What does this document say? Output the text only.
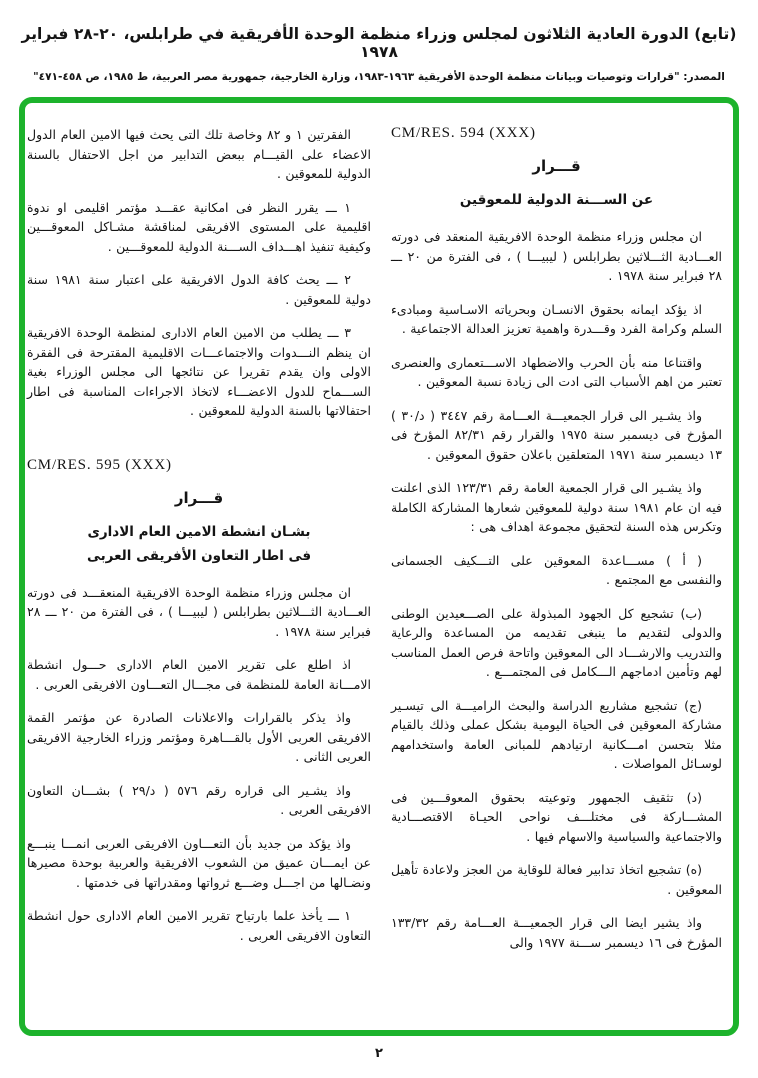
(تابع) الدورة العادية الثلاثون لمجلس وزراء منظمة الوحدة الأفريقية في طرابلس، ٢٠-٢٨ فبراير ١٩٧٨
المصدر: "قرارات وتوصيات وبيانات منظمة الوحدة الأفريقية ١٩٦٣-١٩٨٣، وزارة الخارجية، جمهورية مصر العربية، ط ١٩٨٥، ص ٤٥٨-٤٧١"
CM/RES. 594 (XXX)
قـــرار
عن الســـنة الدولية للمعوقين

ان مجلس وزراء منظمة الوحدة الافريقية المنعقد فى دورته العـــادية الثـــلاثين بطرابلس ( ليبيـــا ) ، فى الفترة من ٢٠ ـــ ٢٨ فبراير سنة ١٩٧٨ .

اذ يؤكد ايمانه بحقوق الانسـان وبحرياته الاسـاسية ومبادىء السلم وكرامة الفرد وقـــدرة واهمية تعزيز العدالة الاجتماعية .

واقتناعا منه بأن الحرب والاضطهاد الاســـتعمارى والعنصرى تعتبر من اهم الأسباب التى ادت الى زيادة نسبة المعوقين .

واذ يشـير الى قرار الجمعيـــة العـــامة رقم ٣٤٤٧ ( د/٣٠ ) المؤرخ فى ديسمبر سنة ١٩٧٥ والقرار رقم ٨٢/٣١ المؤرخ فى ١٣ ديسمبر سنة ١٩٧١ المتعلقين باعلان حقوق المعوقين .

واذ يشـير الى قرار الجمعية العامة رقم ١٢٣/٣١ الذى اعلنت فيه ان عام ١٩٨١ سنة دولية للمعوقين شعارها المشاركة الكاملة وتكرس هذه السنة لتحقيق مجموعة اهداف هى :

( أ ) مســـاعدة المعوقين على التـــكيف الجسمانى والنفسى مع المجتمع .

(ب) تشجيع كل الجهود المبذولة على الصـــعيدين الوطنى والدولى لتقديم ما ينبغى تقديمه من المساعدة والرعاية والتدريب والارشـــاد الى المعوقين واتاحة فرص العمل المناسب لهم وتأمين ادماجهم الـــكامل فى المجتمـــع .

(ج) تشجيع مشاريع الدراسة والبحث الراميـــة الى تيسـير مشاركة المعوقين فى الحياة اليومية بشكل عملى وذلك بالقيام مثلا بتحسن امـــكانية ارتيادهم للمبانى العامة واستخدامهم لوسـائل المواصلات .

(د) تثقيف الجمهور وتوعيته بحقوق المعوقـــين فى المشـــاركة فى مختلـــف نواحى الحيـاة الاقتصـــادية والاجتماعية والسياسية والاسهام فيها .

(ه) تشجيع اتخاذ تدابير فعالة للوقاية من العجز ولاعادة تأهيل المعوقين .

واذ يشير ايضا الى قرار الجمعيـــة العـــامة رقم ١٣٣/٣٢ المؤرخ فى ١٦ ديسمبر ســـنة ١٩٧٧ والى

الفقرتين ١ و ٨٢ وخاصة تلك التى يحث فيها الامين العام الدول الاعضاء على القيـــام ببعض التدابير من اجل الاحتفال بالسنة الدولية للمعوقين .

١ ـــ يقرر النظر فى امكانية عقـــد مؤتمر اقليمى او ندوة اقليمية على المستوى الافريقى لمناقشة مشـاكل المعوقـــين وكيفية تنفيذ اهـــداف الســـنة الدولية للمعوقـــين .

٢ ـــ يحث كافة الدول الافريقية على اعتبار سنة ١٩٨١ سنة دولية للمعوقين .

٣ ـــ يطلب من الامين العام الادارى لمنظمة الوحدة الافريقية ان ينظم النـــدوات والاجتماعـــات الاقليمية المقترحة فى الفقرة الاولى وان يقدم تقريرا عن نتائجها الى مجلس الوزراء بغية الســـماح للدول الاعضـــاء لاتخاذ الاجراءات المناسبة فى اطار احتفالاتها بالسنة الدولية للمعوقين .

CM/RES. 595 (XXX)
قـــرار
بشـان انشطة الامين العام الادارى
فى اطار التعاون الأفريقى العربى

ان مجلس وزراء منظمة الوحدة الافريقية المنعقـــد فى دورته العـــادية الثـــلاثين بطرابلس ( ليبيـــا ) ، فى الفترة من ٢٠ ـــ ٢٨ فبراير سنة ١٩٧٨ .

اذ اطلع على تقرير الامين العام الادارى حـــول انشطة الامـــانة العامة للمنظمة فى مجـــال التعـــاون الافريقى العربى .

واذ يذكر بالقرارات والاعلانات الصادرة عن مؤتمر القمة الافريقى العربى الأول بالقـــاهرة ومؤتمر وزراء الخارجية الافريقى العربى الثانى .

واذ يشـير الى قراره رقم ٥٧٦ ( د/٢٩ ) بشـــان التعاون الافريقى العربى .

واذ يؤكد من جديد بأن التعـــاون الافريقى العربى انمـــا ينبـــع عن ايمـــان عميق من الشعوب الافريقية والعربية بوحدة مصيرها ونضـالها من اجـــل وضـــع ثرواتها ومقدراتها فى خدمتها .

١ ـــ يأخذ علما بارتياح تقرير الامين العام الادارى حول انشطة التعاون الافريقى العربى .

٢
